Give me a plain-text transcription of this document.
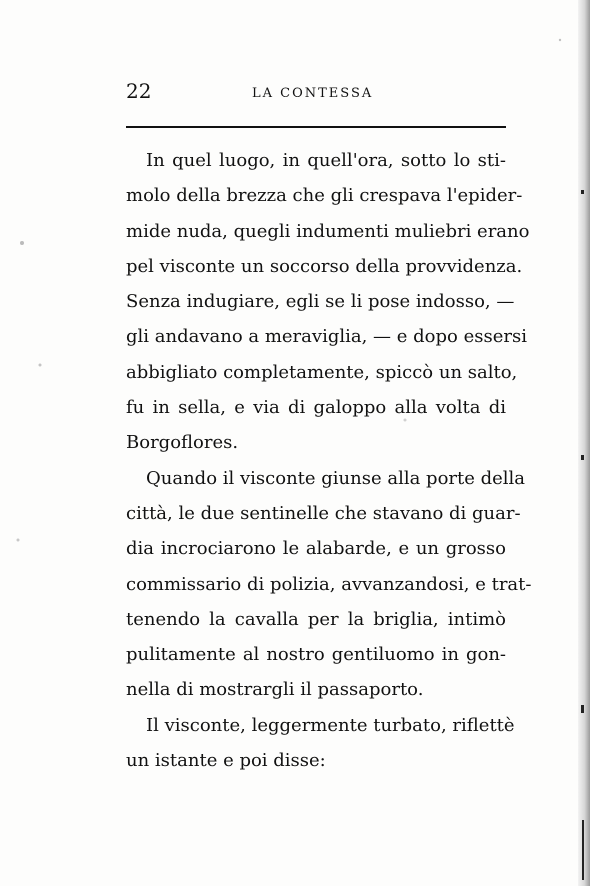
22	LA CONTESSA
In quel luogo, in quell'ora, sotto lo sti-
molo della brezza che gli crespava l'epider-
mide nuda, quegli indumenti muliebri erano
pel visconte un soccorso della provvidenza.
Senza indugiare, egli se li pose indosso, —
gli andavano a meraviglia, — e dopo essersi
abbigliato completamente, spiccò un salto,
fu in sella, e via di galoppo alla volta di
Borgoflores.
Quando il visconte giunse alla porte della
città, le due sentinelle che stavano di guar-
dia incrociarono le alabarde, e un grosso
commissario di polizia, avvanzandosi, e trat-
tenendo la cavalla per la briglia, intimò
pulitamente al nostro gentiluomo in gon-
nella di mostrargli il passaporto.
Il visconte, leggermente turbato, riflettè
un istante e poi disse:
